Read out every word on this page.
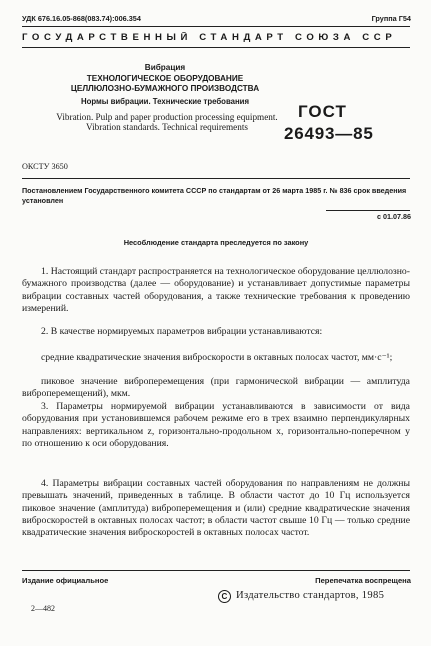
УДК 676.16.05-868(083.74):006.354	Группа Г54
ГОСУДАРСТВЕННЫЙ СТАНДАРТ СОЮЗА ССР
Вибрация
ТЕХНОЛОГИЧЕСКОЕ ОБОРУДОВАНИЕ ЦЕЛЛЮЛОЗНО-БУМАЖНОГО ПРОИЗВОДСТВА
Нормы вибрации. Технические требования
Vibration. Pulp and paper production processing equipment. Vibration standards. Technical requirements
ГОСТ
26493—85
ОКСТУ 3650
Постановлением Государственного комитета СССР по стандартам от 26 марта 1985 г. № 836 срок введения установлен
с 01.07.86
Несоблюдение стандарта преследуется по закону

1. Настоящий стандарт распространяется на технологическое оборудование целлюлозно-бумажного производства (далее — оборудование) и устанавливает допустимые параметры вибрации составных частей оборудования, а также технические требования к проведению измерений.

2. В качестве нормируемых параметров вибрации устанавливаются:

средние квадратические значения виброскорости в октавных полосах частот, мм·с⁻¹;

пиковое значение виброперемещения (при гармонической вибрации — амплитуда виброперемещений), мкм.

3. Параметры нормируемой вибрации устанавливаются в зависимости от вида оборудования при установившемся рабочем режиме его в трех взаимно перпендикулярных направлениях: вертикальном z, горизонтально-продольном x, горизонтально-поперечном y по отношению к оси оборудования.

4. Параметры вибрации составных частей оборудования по направлениям не должны превышать значений, приведенных в таблице. В области частот до 10 Гц используется пиковое значение (амплитуда) виброперемещения и (или) средние квадратические значения виброскоростей в октавных полосах частот; в области частот свыше 10 Гц — только средние квадратические значения виброскоростей в октавных полосах частот.

Издание официальное	Перепечатка воспрещена
C Издательство стандартов, 1985
2—482
